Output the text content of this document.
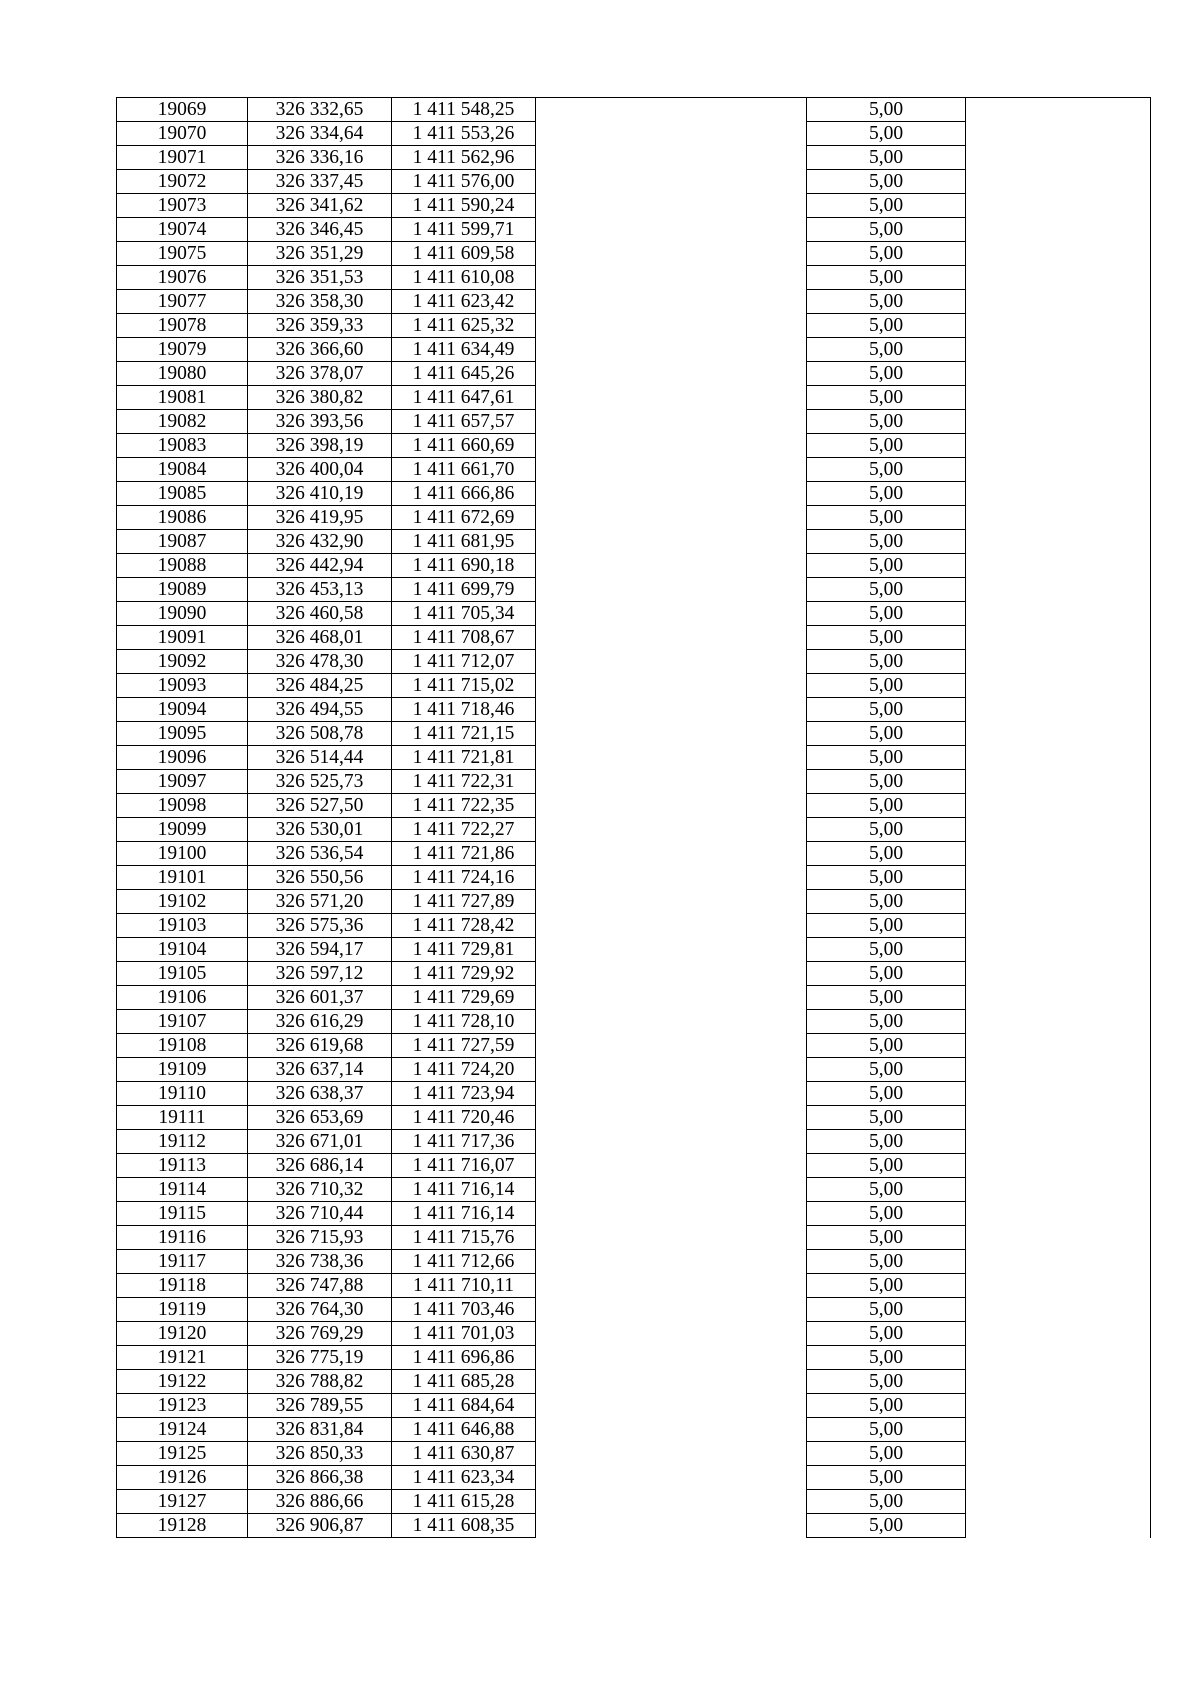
19069	326 332,65	1 411 548,25		5,00	
19070	326 334,64	1 411 553,26		5,00	
19071	326 336,16	1 411 562,96		5,00	
19072	326 337,45	1 411 576,00		5,00	
19073	326 341,62	1 411 590,24		5,00	
19074	326 346,45	1 411 599,71		5,00	
19075	326 351,29	1 411 609,58		5,00	
19076	326 351,53	1 411 610,08		5,00	
19077	326 358,30	1 411 623,42		5,00	
19078	326 359,33	1 411 625,32		5,00	
19079	326 366,60	1 411 634,49		5,00	
19080	326 378,07	1 411 645,26		5,00	
19081	326 380,82	1 411 647,61		5,00	
19082	326 393,56	1 411 657,57		5,00	
19083	326 398,19	1 411 660,69		5,00	
19084	326 400,04	1 411 661,70		5,00	
19085	326 410,19	1 411 666,86		5,00	
19086	326 419,95	1 411 672,69		5,00	
19087	326 432,90	1 411 681,95		5,00	
19088	326 442,94	1 411 690,18		5,00	
19089	326 453,13	1 411 699,79		5,00	
19090	326 460,58	1 411 705,34		5,00	
19091	326 468,01	1 411 708,67		5,00	
19092	326 478,30	1 411 712,07		5,00	
19093	326 484,25	1 411 715,02		5,00	
19094	326 494,55	1 411 718,46		5,00	
19095	326 508,78	1 411 721,15		5,00	
19096	326 514,44	1 411 721,81		5,00	
19097	326 525,73	1 411 722,31		5,00	
19098	326 527,50	1 411 722,35		5,00	
19099	326 530,01	1 411 722,27		5,00	
19100	326 536,54	1 411 721,86		5,00	
19101	326 550,56	1 411 724,16		5,00	
19102	326 571,20	1 411 727,89		5,00	
19103	326 575,36	1 411 728,42		5,00	
19104	326 594,17	1 411 729,81		5,00	
19105	326 597,12	1 411 729,92		5,00	
19106	326 601,37	1 411 729,69		5,00	
19107	326 616,29	1 411 728,10		5,00	
19108	326 619,68	1 411 727,59		5,00	
19109	326 637,14	1 411 724,20		5,00	
19110	326 638,37	1 411 723,94		5,00	
19111	326 653,69	1 411 720,46		5,00	
19112	326 671,01	1 411 717,36		5,00	
19113	326 686,14	1 411 716,07		5,00	
19114	326 710,32	1 411 716,14		5,00	
19115	326 710,44	1 411 716,14		5,00	
19116	326 715,93	1 411 715,76		5,00	
19117	326 738,36	1 411 712,66		5,00	
19118	326 747,88	1 411 710,11		5,00	
19119	326 764,30	1 411 703,46		5,00	
19120	326 769,29	1 411 701,03		5,00	
19121	326 775,19	1 411 696,86		5,00	
19122	326 788,82	1 411 685,28		5,00	
19123	326 789,55	1 411 684,64		5,00	
19124	326 831,84	1 411 646,88		5,00	
19125	326 850,33	1 411 630,87		5,00	
19126	326 866,38	1 411 623,34		5,00	
19127	326 886,66	1 411 615,28		5,00	
19128	326 906,87	1 411 608,35		5,00	
